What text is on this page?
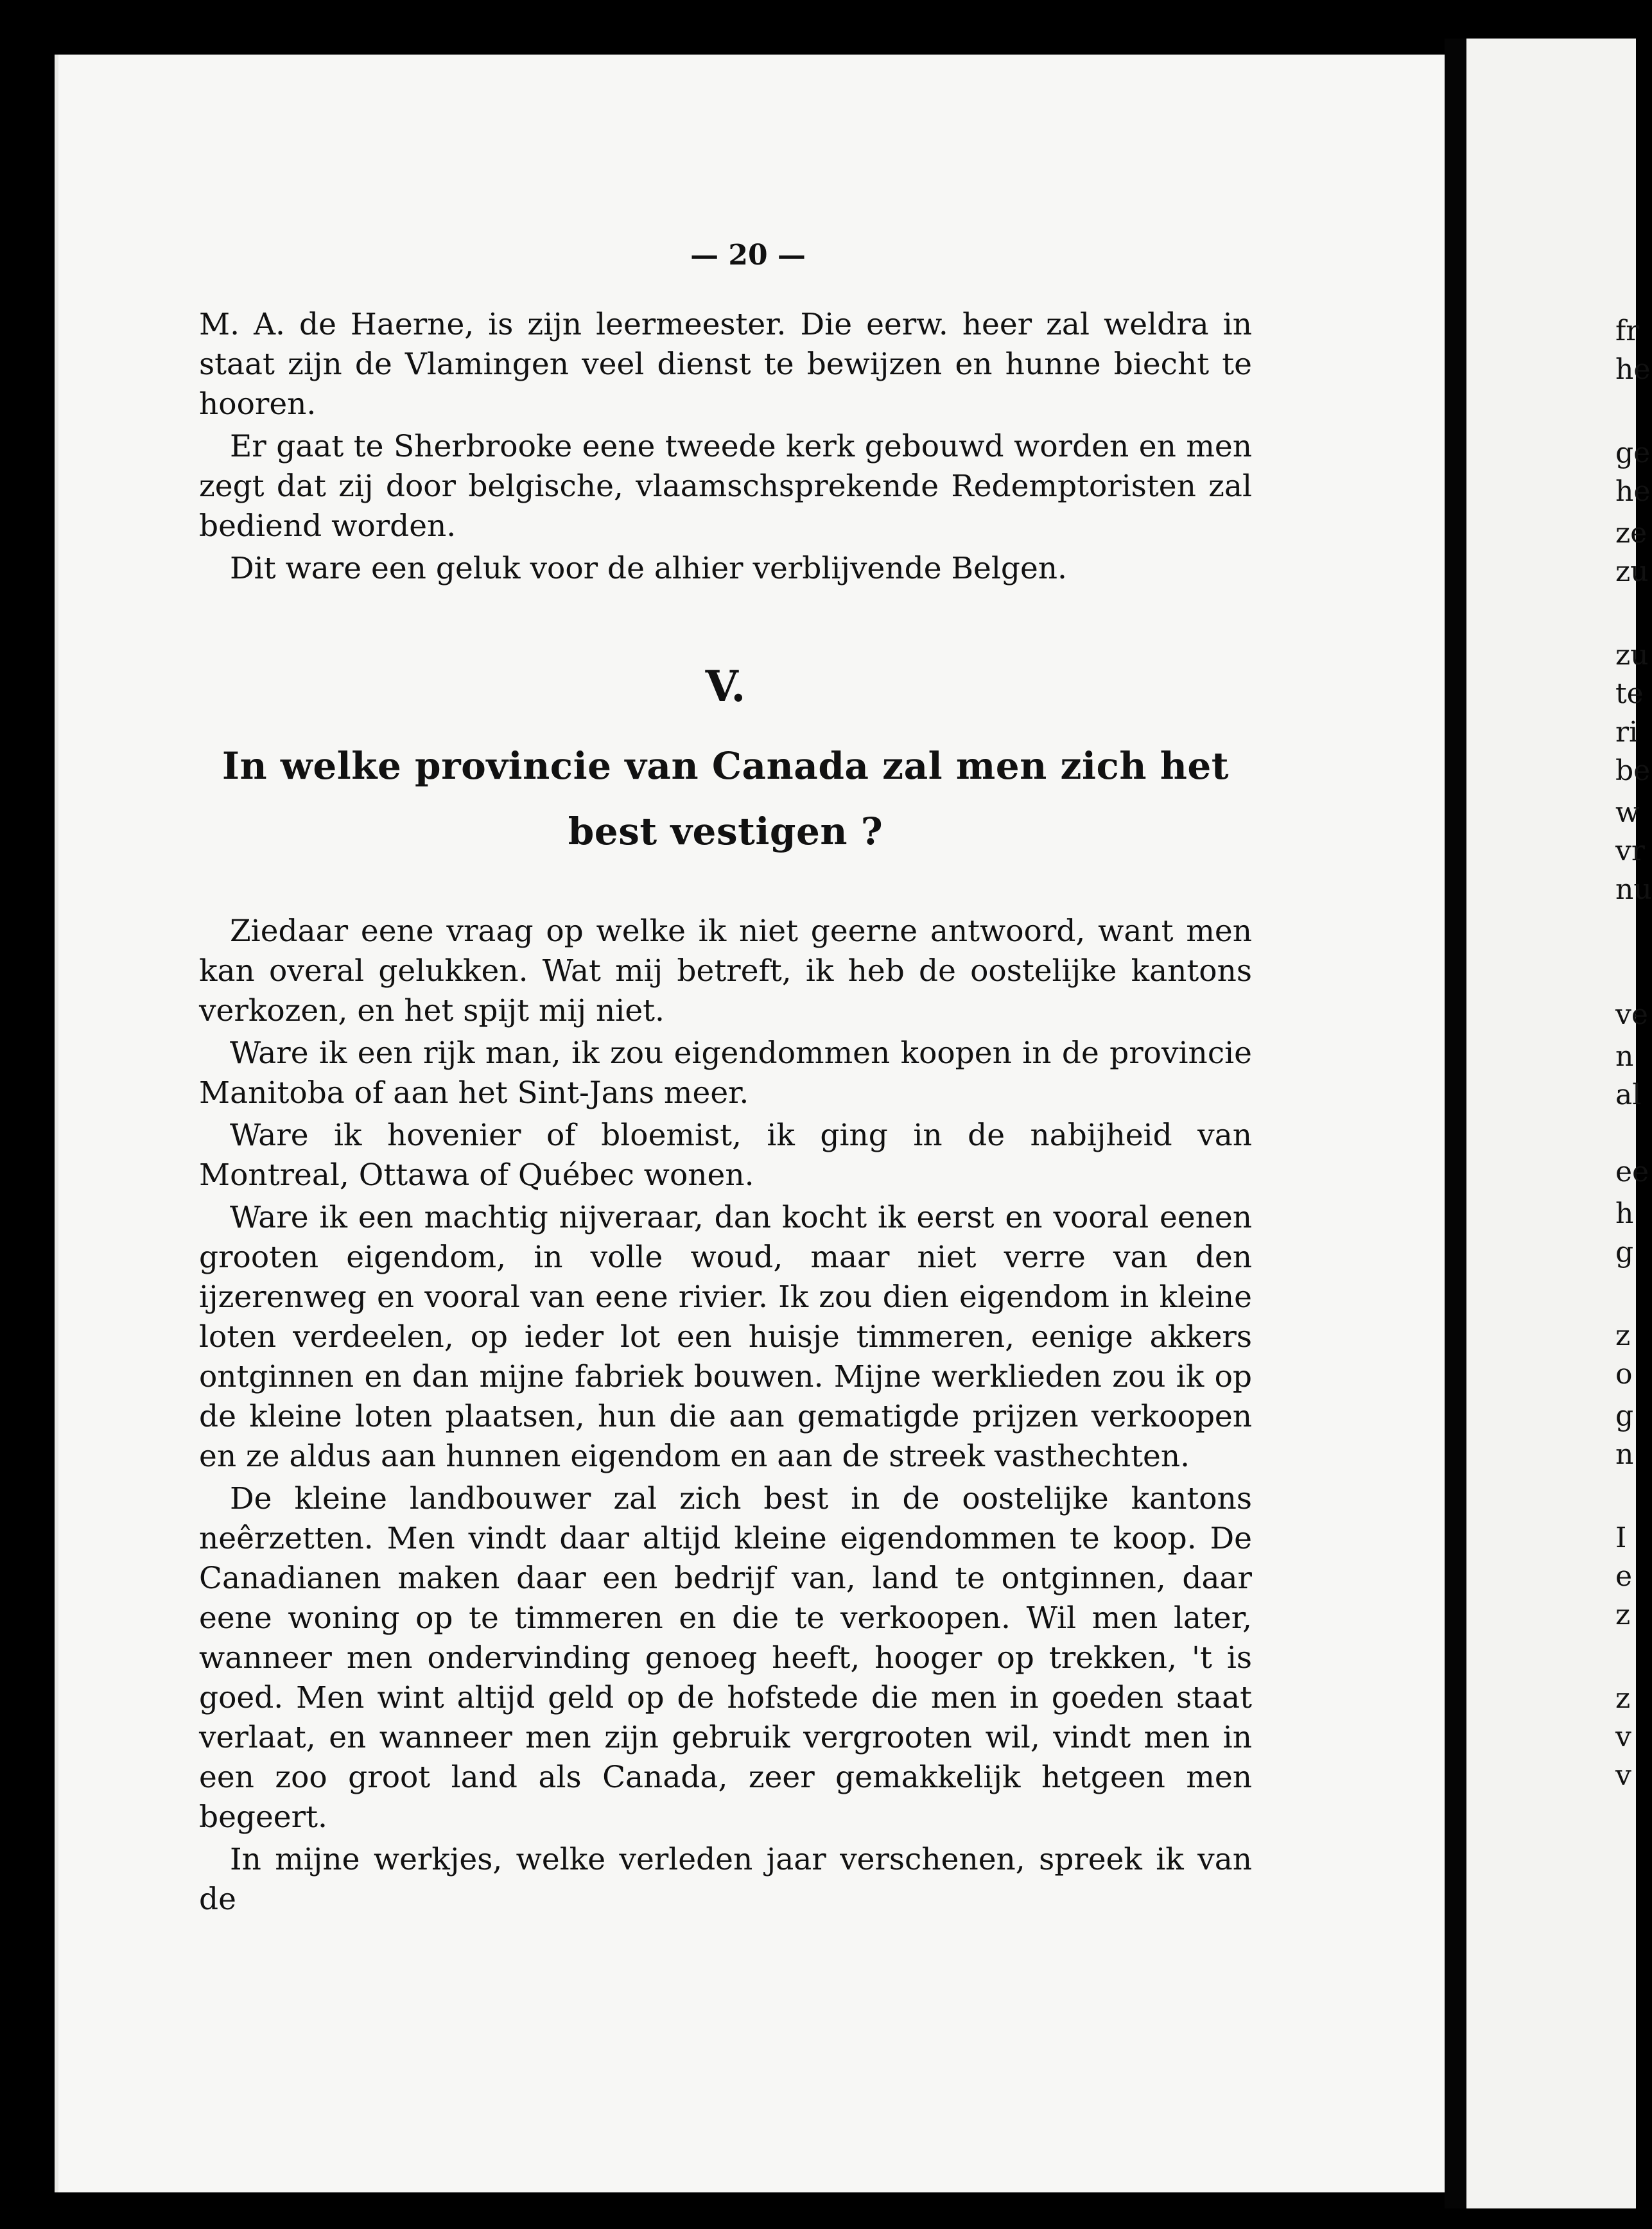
— 20 —

M. A. de Haerne, is zijn leermeester. Die eerw. heer zal weldra in staat zijn de Vlamingen veel dienst te bewijzen en hunne biecht te hooren.

Er gaat te Sherbrooke eene tweede kerk gebouwd worden en men zegt dat zij door belgische, vlaamschsprekende Redemptoristen zal bediend worden.

Dit ware een geluk voor de alhier verblijvende Belgen.

V.

In welke provincie van Canada zal men zich het best vestigen ?

Ziedaar eene vraag op welke ik niet geerne antwoord, want men kan overal gelukken. Wat mij betreft, ik heb de oostelijke kantons verkozen, en het spijt mij niet.

Ware ik een rijk man, ik zou eigendommen koopen in de provincie Manitoba of aan het Sint-Jans meer.

Ware ik hovenier of bloemist, ik ging in de nabijheid van Montreal, Ottawa of Québec wonen.

Ware ik een machtig nijveraar, dan kocht ik eerst en vooral eenen grooten eigendom, in volle woud, maar niet verre van den ijzerenweg en vooral van eene rivier. Ik zou dien eigendom in kleine loten verdeelen, op ieder lot een huisje timmeren, eenige akkers ontginnen en dan mijne fabriek bouwen. Mijne werklieden zou ik op de kleine loten plaatsen, hun die aan gematigde prijzen verkoopen en ze aldus aan hunnen eigendom en aan de streek vasthechten.

De kleine landbouwer zal zich best in de oostelijke kantons neêrzetten. Men vindt daar altijd kleine eigendommen te koop. De Canadianen maken daar een bedrijf van, land te ontginnen, daar eene woning op te timmeren en die te verkoopen. Wil men later, wanneer men ondervinding genoeg heeft, hooger op trekken, 't is goed. Men wint altijd geld op de hofstede die men in goeden staat verlaat, en wanneer men zijn gebruik vergrooten wil, vindt men in een zoo groot land als Canada, zeer gemakkelijk hetgeen men begeert.

In mijne werkjes, welke verleden jaar verschenen, spreek ik van de

fr
he
ge
he
ze
zu
zu
te
ri
be
w
vr
nu
ve
n
al
ee
h
g
z
o
g
n
I
e
z
z
v
v
